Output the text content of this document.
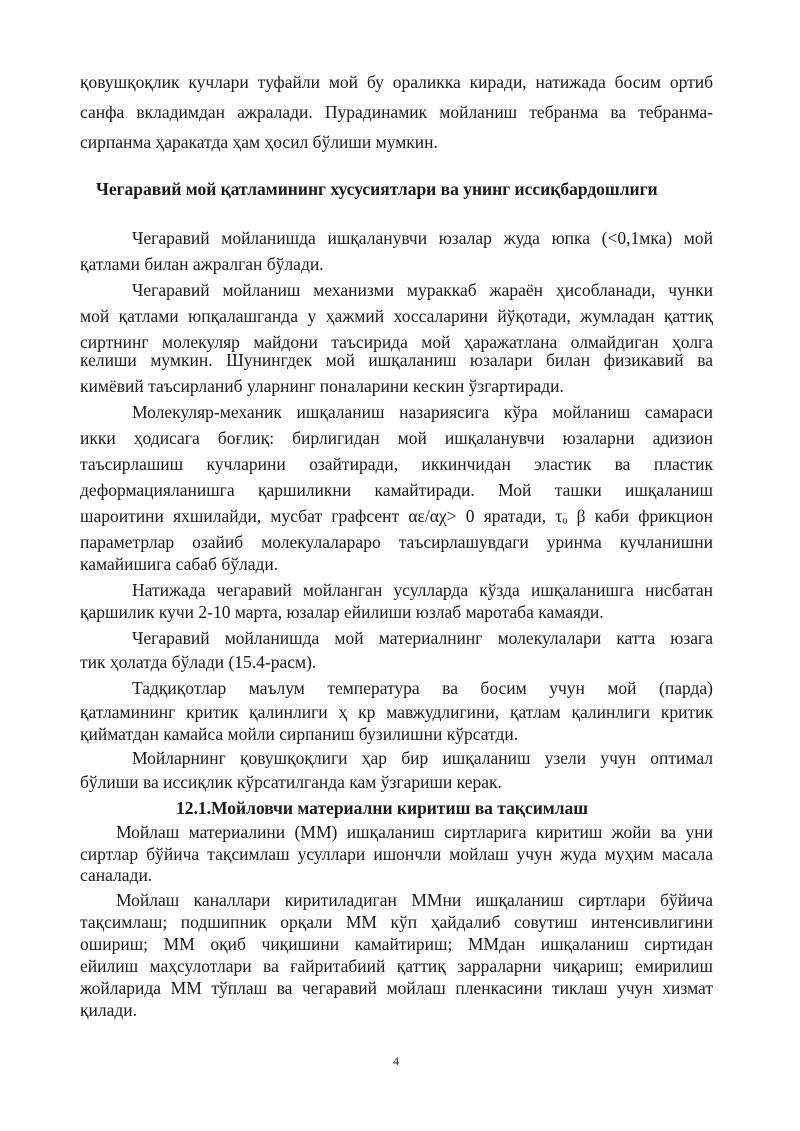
қовушқоқлик кучлари туфайли мой бу ораликка киради, натижада босим ортиб
санфа вкладимдан ажралади. Пурадинамик мойланиш тебранма ва тебранма-
сирпанма ҳаракатда ҳам ҳосил бўлиши мумкин.
Чегаравий мой қатламининг хусусиятлари ва унинг иссиқбардошлиги
Чегаравий мойланишда ишқаланувчи юзалар жуда юпка (<0,1мка) мой
қатлами билан ажралган бўлади.
Чегаравий мойланиш механизми мураккаб жараён ҳисобланади, чунки
мой қатлами юпқалашганда у ҳажмий хоссаларини йўқотади, жумладан қаттиқ
сиртнинг молекуляр майдони таъсирида мой ҳаражатлана олмайдиган ҳолга
келиши мумкин. Шунингдек мой ишқаланиш юзалари билан физикавий ва
кимёвий таъсирланиб уларнинг поналарини кескин ўзгартиради.
Молекуляр-механик ишқаланиш назариясига кўра мойланиш самараси
икки ҳодисага боғлиқ: бирлигидан мой ишқаланувчи юзаларни адизион
таъсирлашиш кучларини озайтиради, иккинчидан эластик ва пластик
деформацияланишга қаршиликни камайтиради. Мой ташки ишқаланиш
шароитини яхшилайди, мусбат графсент αε/αχ> 0 яратади, τₒ β каби фрикцион
параметрлар озайиб молекулалараро таъсирлашувдаги уринма кучланишни
камайишига сабаб бўлади.
Натижада чегаравий мойланган усулларда кўзда ишқаланишга нисбатан
қаршилик кучи 2-10 марта, юзалар ейилиши юзлаб маротаба камаяди.
Чегаравий мойланишда мой материалнинг молекулалари катта юзага
тик ҳолатда бўлади (15.4-расм).
Тадқиқотлар маълум температура ва босим учун мой (парда)
қатламининг критик қалинлиги ҳ кр мавжудлигини, қатлам қалинлиги критик
қийматдан камайса мойли сирпаниш бузилишни кўрсатди.
Мойларнинг қовушқоқлиги ҳар бир ишқаланиш узели учун оптимал
бўлиши ва иссиқлик кўрсатилганда кам ўзгариши керак.
12.1.Мойловчи материални киритиш ва тақсимлаш
Мойлаш материалини (ММ) ишқаланиш сиртларига киритиш жойи ва уни
сиртлар бўйича тақсимлаш усуллари ишончли мойлаш учун жуда муҳим масала
саналади.
Мойлаш каналлари киритиладиган ММни ишқаланиш сиртлари бўйича
тақсимлаш; подшипник орқали ММ кўп ҳайдалиб совутиш интенсивлигини
ошириш; ММ оқиб чиқишини камайтириш; ММдан ишқаланиш сиртидан
ейилиш маҳсулотлари ва ғайритабиий қаттиқ зарраларни чиқариш; емирилиш
жойларида ММ тўплаш ва чегаравий мойлаш пленкасини тиклаш учун хизмат
қилади.
4
